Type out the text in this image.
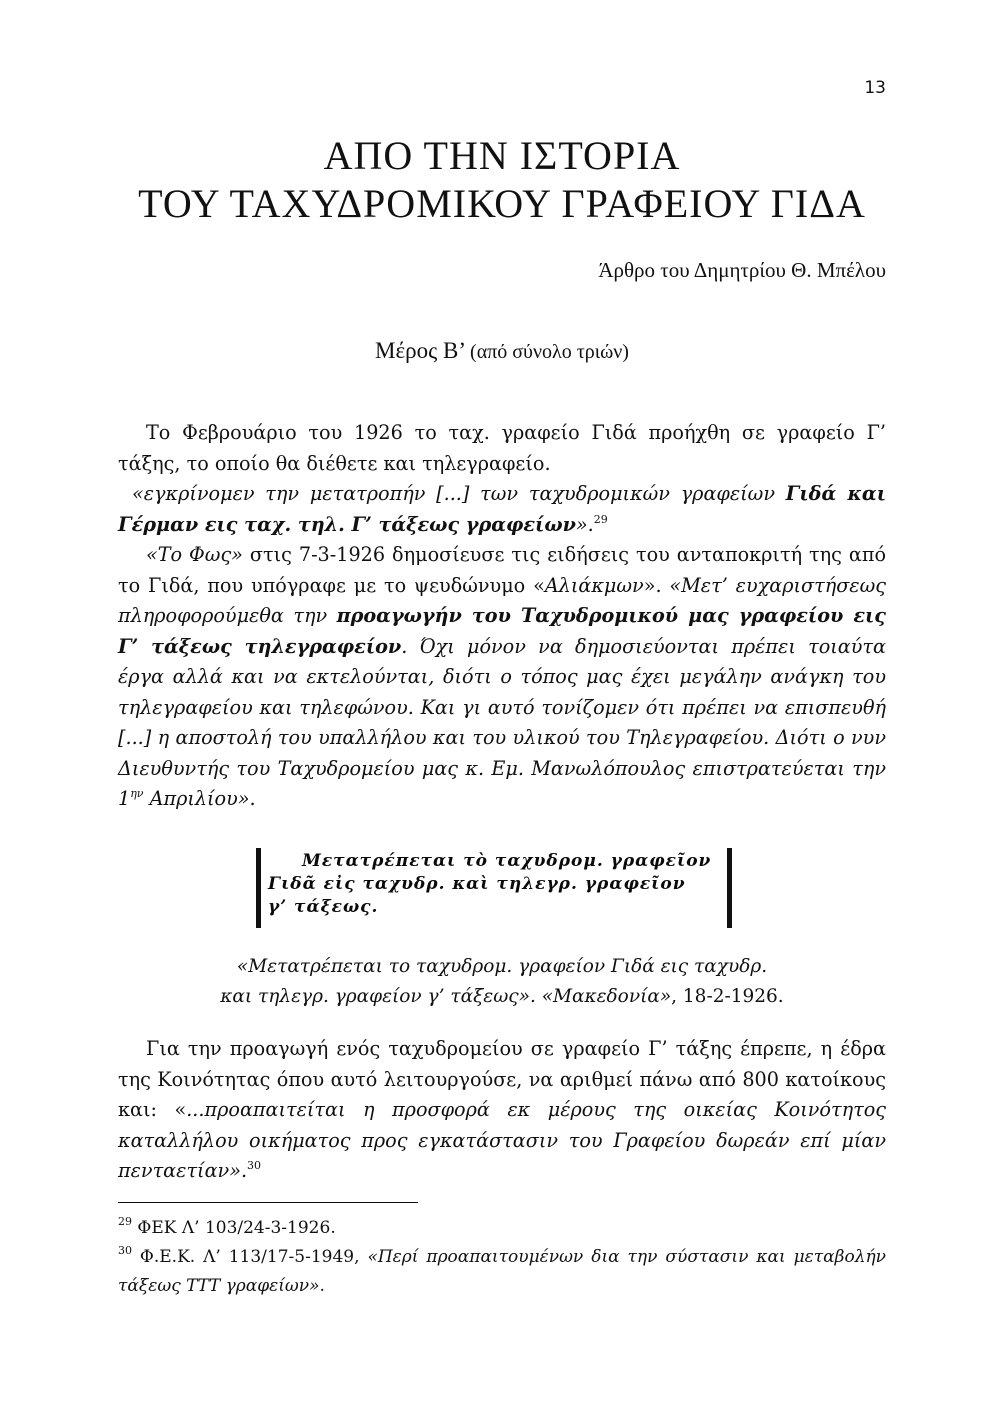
13
ΑΠΟ ΤΗΝ ΙΣΤΟΡΙΑ
ΤΟΥ ΤΑΧΥΔΡΟΜΙΚΟΥ ΓΡΑΦΕΙΟΥ ΓΙΔΑ
Άρθρο του Δημητρίου Θ. Μπέλου
Μέρος Β’ (από σύνολο τριών)

Το Φεβρουάριο του 1926 το ταχ. γραφείο Γιδά προήχθη σε γραφείο Γ’ τάξης, το οποίο θα διέθετε και τηλεγραφείο.

«εγκρίνομεν την μετατροπήν [...] των ταχυδρομικών γραφείων Γιδά και Γέρμαν εις ταχ. τηλ. Γ’ τάξεως γραφείων».$^{29}$

«Το Φως» στις 7-3-1926 δημοσίευσε τις ειδήσεις του ανταποκριτή της από το Γιδά, που υπόγραφε με το ψευδώνυμο «Αλιάκμων». «Μετ’ ευχαριστήσεως πληροφορούμεθα την προαγωγήν του Ταχυδρομικού μας γραφείου εις Γ’ τάξεως τηλεγραφείον. Όχι μόνον να δημοσιεύονται πρέπει τοιαύτα έργα αλλά και να εκτελούνται, διότι ο τόπος μας έχει μεγάλην ανάγκη του τηλεγραφείου και τηλεφώνου. Και γι αυτό τονίζομεν ότι πρέπει να επισπευθή [...] η αποστολή του υπαλλήλου και του υλικού του Τηλεγραφείου. Διότι ο νυν Διευθυντής του Ταχυδρομείου μας κ. Εμ. Μανωλόπουλος επιστρατεύεται την $1^{\eta\nu}$ Απριλίου».

Μετατρέπεται τὸ ταχυδρομ. γραφεῖον
Γιδᾶ εἰς ταχυδρ. καὶ τηλεγρ. γραφεῖον
γ’ τάξεως.
«Μετατρέπεται το ταχυδρομ. γραφείον Γιδά εις ταχυδρ.
και τηλεγρ. γραφείον γ’ τάξεως». «Μακεδονία», 18-2-1926.

Για την προαγωγή ενός ταχυδρομείου σε γραφείο Γ’ τάξης έπρεπε, η έδρα της Κοινότητας όπου αυτό λειτουργούσε, να αριθμεί πάνω από 800 κατοίκους και: «...προαπαιτείται η προσφορά εκ μέρους της οικείας Κοινότητος καταλλήλου οικήματος προς εγκατάστασιν του Γραφείου δωρεάν επί μίαν πενταετίαν».$^{30}$

$^{29}$ ΦΕΚ Λ’ 103/24-3-1926.

$^{30}$ Φ.Ε.Κ. Λ’ 113/17-5-1949, «Περί προαπαιτουμένων δια την σύστασιν και μεταβολήν τάξεως ΤΤΤ γραφείων».
